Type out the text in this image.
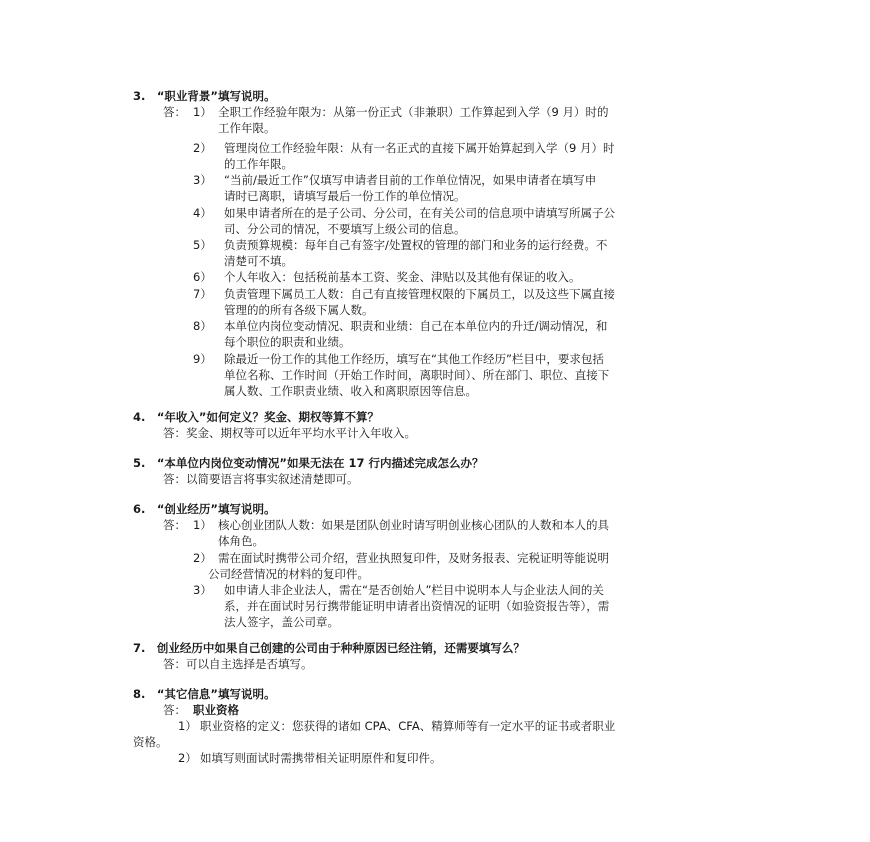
3.　“职业背景”填写说明。
答： 1） 全职工作经验年限为：从第一份正式（非兼职）工作算起到入学（9 月）时的
工作年限。
2） 管理岗位工作经验年限：从有一名正式的直接下属开始算起到入学（9 月）时
的工作年限。
3） “当前/最近工作”仅填写申请者目前的工作单位情况，如果申请者在填写申
请时已离职，请填写最后一份工作的单位情况。
4） 如果申请者所在的是子公司、分公司，在有关公司的信息项中请填写所属子公
司、分公司的情况，不要填写上级公司的信息。
5） 负责预算规模：每年自己有签字/处置权的管理的部门和业务的运行经费。不
清楚可不填。
6） 个人年收入：包括税前基本工资、奖金、津贴以及其他有保证的收入。
7） 负责管理下属员工人数：自己有直接管理权限的下属员工，以及这些下属直接
管理的的所有各级下属人数。
8） 本单位内岗位变动情况、职责和业绩：自己在本单位内的升迁/调动情况，和
每个职位的职责和业绩。
9） 除最近一份工作的其他工作经历，填写在“其他工作经历”栏目中，要求包括
单位名称、工作时间（开始工作时间，离职时间）、所在部门、职位、直接下
属人数、工作职责业绩、收入和离职原因等信息。
4.　“年收入”如何定义？奖金、期权等算不算？
答：奖金、期权等可以近年平均水平计入年收入。
5.　“本单位内岗位变动情况”如果无法在 17 行内描述完成怎么办？
答：以简要语言将事实叙述清楚即可。
6.　“创业经历”填写说明。
答： 1） 核心创业团队人数：如果是团队创业时请写明创业核心团队的人数和本人的具
体角色。
2） 需在面试时携带公司介绍，营业执照复印件，及财务报表、完税证明等能说明
公司经营情况的材料的复印件。
3） 如申请人非企业法人，需在“是否创始人”栏目中说明本人与企业法人间的关
系，并在面试时另行携带能证明申请者出资情况的证明（如验资报告等），需
法人签字，盖公司章。
7.　创业经历中如果自己创建的公司由于种种原因已经注销，还需要填写么？
答：可以自主选择是否填写。
8.　“其它信息”填写说明。
答： 职业资格
1） 职业资格的定义：您获得的诸如 CPA、CFA、精算师等有一定水平的证书或者职业
资格。
2） 如填写则面试时需携带相关证明原件和复印件。
